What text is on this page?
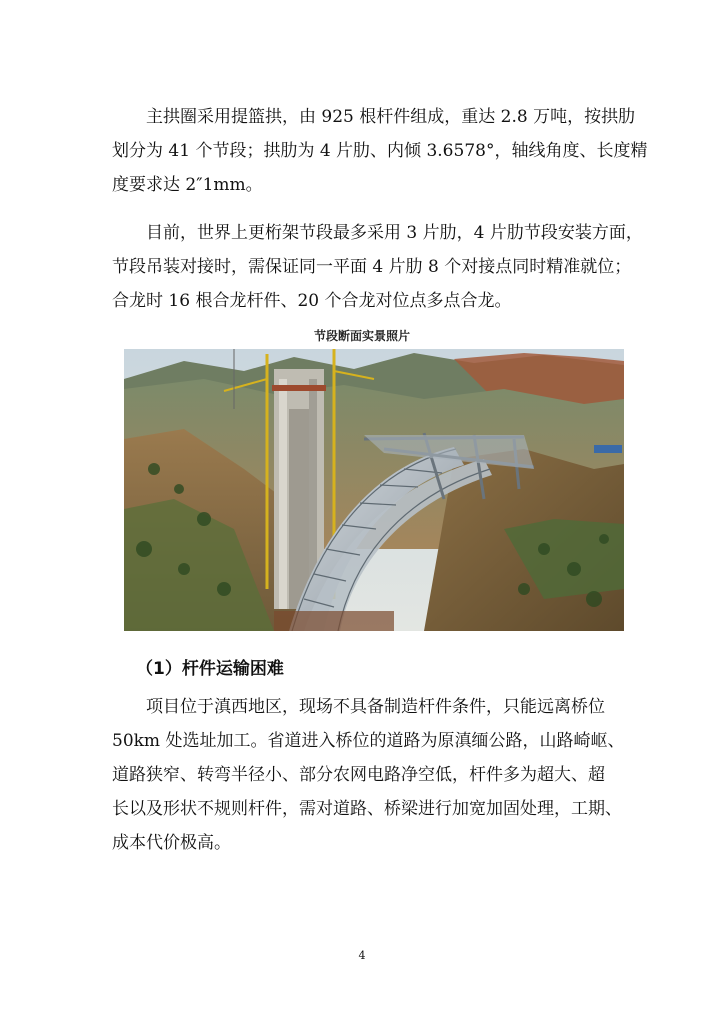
主拱圈采用提篮拱，由 925 根杆件组成，重达 2.8 万吨，按拱肋
划分为 41 个节段；拱肋为 4 片肋、内倾 3.6578°，轴线角度、长度精
度要求达 2″1mm。

目前，世界上更桁架节段最多采用 3 片肋，4 片肋节段安装方面，
节段吊装对接时，需保证同一平面 4 片肋 8 个对接点同时精准就位；
合龙时 16 根合龙杆件、20 个合龙对位点多点合龙。

节段断面实景照片
（1）杆件运输困难

项目位于滇西地区，现场不具备制造杆件条件，只能远离桥位
50km 处选址加工。省道进入桥位的道路为原滇缅公路，山路崎岖、
道路狭窄、转弯半径小、部分农网电路净空低，杆件多为超大、超
长以及形状不规则杆件，需对道路、桥梁进行加宽加固处理，工期、
成本代价极高。

4
